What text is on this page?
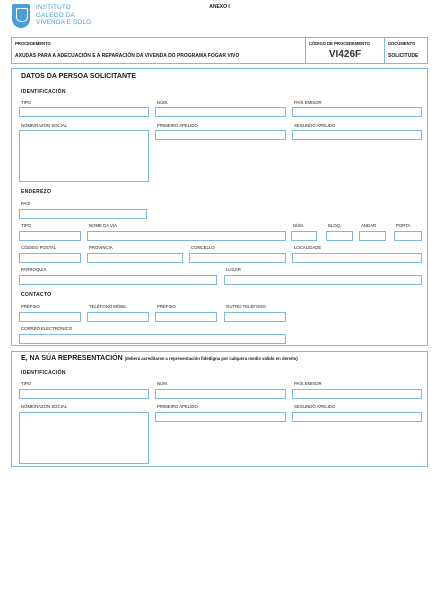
INSTITUTO
GALEGO DA
VIVENDA E SOLO
ANEXO I
PROCEDEMENTO
AXUDAS PARA A ADECUACIÓN E A REPARACIÓN DA VIVENDA DO PROGRAMA FOGAR VIVO
CÓDIGO DE PROCEDEMENTO
VI426F
DOCUMENTO
SOLICITUDE
DATOS DA PERSOA SOLICITANTE
IDENTIFICACIÓN
TIPO	NÚM.	PAÍS EMISOR
NOME/RAZÓN SOCIAL	PRIMEIRO APELIDO	SEGUNDO APELIDO
ENDEREZO
PAÍS
TIPO	NOME DA VÍA	NÚM.	BLOQ.	ANDAR	PORTA
CÓDIGO POSTAL	PROVINCIA	CONCELLO	LOCALIDADE
PARROQUIA	LUGAR
CONTACTO
PREFIXO	TELÉFONO MÓBIL	PREFIXO	OUTRO TELÉFONO
CORREO ELECTRÓNICO
E, NA SÚA REPRESENTACIÓN (deberá acreditarse a representación fidedigna por calquera medio válido en dereito)
IDENTIFICACIÓN
TIPO	NÚM.	PAÍS EMISOR
NOME/RAZÓN SOCIAL	PRIMEIRO APELIDO	SEGUNDO APELIDO
